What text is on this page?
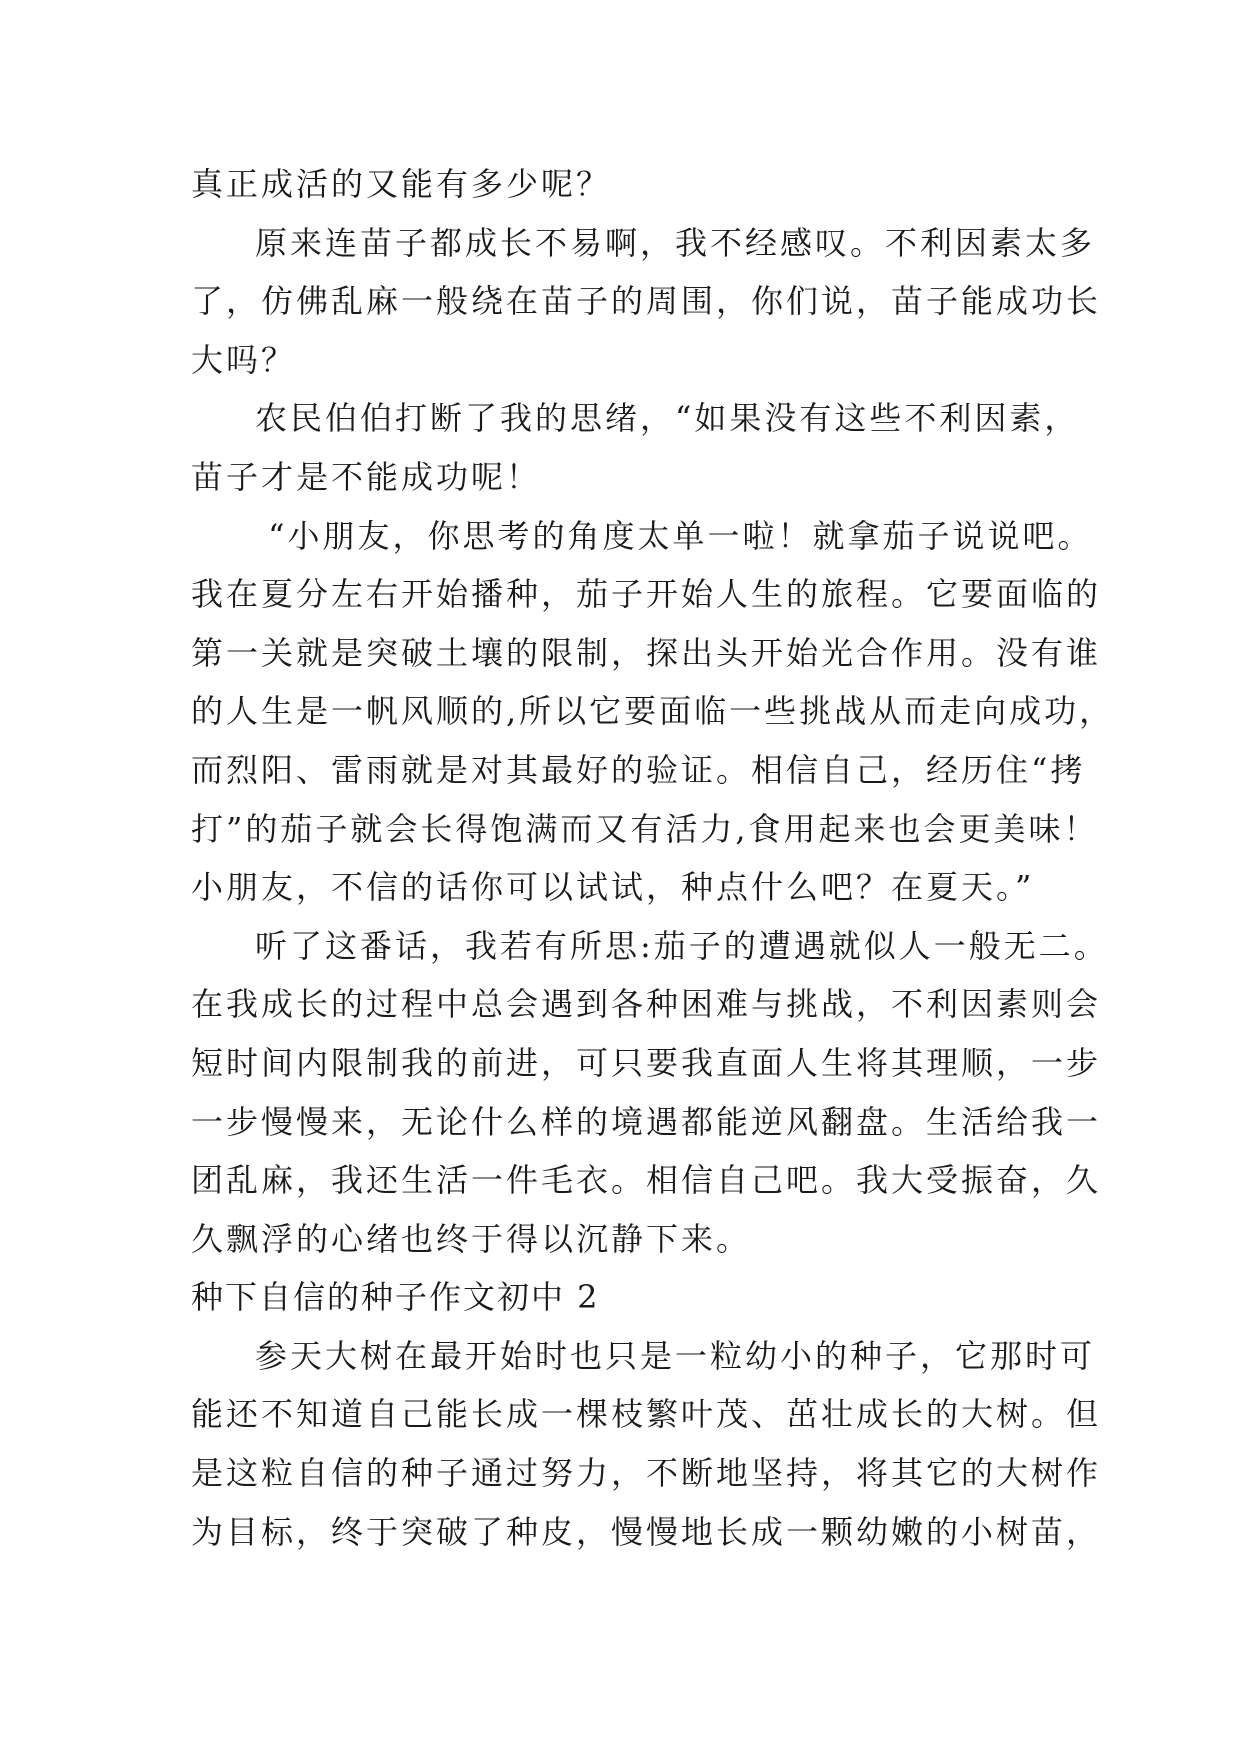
真正成活的又能有多少呢？
原来连苗子都成长不易啊，我不经感叹。不利因素太多
了，仿佛乱麻一般绕在苗子的周围，你们说，苗子能成功长
大吗？
农民伯伯打断了我的思绪，“如果没有这些不利因素，
苗子才是不能成功呢！
“小朋友，你思考的角度太单一啦！就拿茄子说说吧。
我在夏分左右开始播种，茄子开始人生的旅程。它要面临的
第一关就是突破土壤的限制，探出头开始光合作用。没有谁
的人生是一帆风顺的,所以它要面临一些挑战从而走向成功，
而烈阳、雷雨就是对其最好的验证。相信自己，经历住“拷
打”的茄子就会长得饱满而又有活力,食用起来也会更美味！
小朋友，不信的话你可以试试，种点什么吧？在夏天。”
听了这番话，我若有所思:茄子的遭遇就似人一般无二。
在我成长的过程中总会遇到各种困难与挑战，不利因素则会
短时间内限制我的前进，可只要我直面人生将其理顺，一步
一步慢慢来，无论什么样的境遇都能逆风翻盘。生活给我一
团乱麻，我还生活一件毛衣。相信自己吧。我大受振奋，久
久飘浮的心绪也终于得以沉静下来。
种下自信的种子作文初中 2
参天大树在最开始时也只是一粒幼小的种子，它那时可
能还不知道自己能长成一棵枝繁叶茂、茁壮成长的大树。但
是这粒自信的种子通过努力，不断地坚持，将其它的大树作
为目标，终于突破了种皮，慢慢地长成一颗幼嫩的小树苗，
